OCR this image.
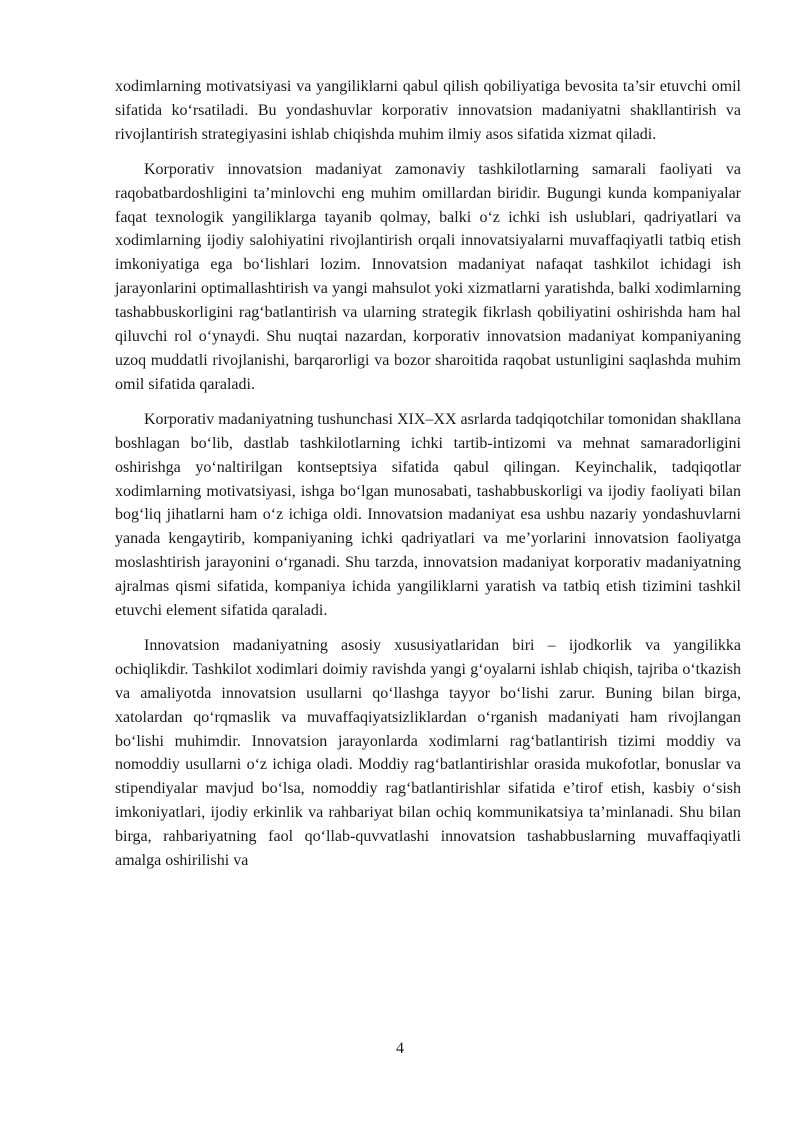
xodimlarning motivatsiyasi va yangiliklarni qabul qilish qobiliyatiga bevosita ta’sir etuvchi omil sifatida ko‘rsatiladi. Bu yondashuvlar korporativ innovatsion madaniyatni shakllantirish va rivojlantirish strategiyasini ishlab chiqishda muhim ilmiy asos sifatida xizmat qiladi.

Korporativ innovatsion madaniyat zamonaviy tashkilotlarning samarali faoliyati va raqobatbardoshligini ta’minlovchi eng muhim omillardan biridir. Bugungi kunda kompaniyalar faqat texnologik yangiliklarga tayanib qolmay, balki o‘z ichki ish uslublari, qadriyatlari va xodimlarning ijodiy salohiyatini rivojlantirish orqali innovatsiyalarni muvaffaqiyatli tatbiq etish imkoniyatiga ega bo‘lishlari lozim. Innovatsion madaniyat nafaqat tashkilot ichidagi ish jarayonlarini optimallashtirish va yangi mahsulot yoki xizmatlarni yaratishda, balki xodimlarning tashabbuskorligini rag‘batlantirish va ularning strategik fikrlash qobiliyatini oshirishda ham hal qiluvchi rol o‘ynaydi. Shu nuqtai nazardan, korporativ innovatsion madaniyat kompaniyaning uzoq muddatli rivojlanishi, barqarorligi va bozor sharoitida raqobat ustunligini saqlashda muhim omil sifatida qaraladi.

Korporativ madaniyatning tushunchasi XIX–XX asrlarda tadqiqotchilar tomonidan shakllana boshlagan bo‘lib, dastlab tashkilotlarning ichki tartib-intizomi va mehnat samaradorligini oshirishga yo‘naltirilgan kontseptsiya sifatida qabul qilingan. Keyinchalik, tadqiqotlar xodimlarning motivatsiyasi, ishga bo‘lgan munosabati, tashabbuskorligi va ijodiy faoliyati bilan bog‘liq jihatlarni ham o‘z ichiga oldi. Innovatsion madaniyat esa ushbu nazariy yondashuvlarni yanada kengaytirib, kompaniyaning ichki qadriyatlari va me’yorlarini innovatsion faoliyatga moslashtirish jarayonini o‘rganadi. Shu tarzda, innovatsion madaniyat korporativ madaniyatning ajralmas qismi sifatida, kompaniya ichida yangiliklarni yaratish va tatbiq etish tizimini tashkil etuvchi element sifatida qaraladi.

Innovatsion madaniyatning asosiy xususiyatlaridan biri – ijodkorlik va yangilikka ochiqlikdir. Tashkilot xodimlari doimiy ravishda yangi g‘oyalarni ishlab chiqish, tajriba o‘tkazish va amaliyotda innovatsion usullarni qo‘llashga tayyor bo‘lishi zarur. Buning bilan birga, xatolardan qo‘rqmaslik va muvaffaqiyatsizliklardan o‘rganish madaniyati ham rivojlangan bo‘lishi muhimdir. Innovatsion jarayonlarda xodimlarni rag‘batlantirish tizimi moddiy va nomoddiy usullarni o‘z ichiga oladi. Moddiy rag‘batlantirishlar orasida mukofotlar, bonuslar va stipendiyalar mavjud bo‘lsa, nomoddiy rag‘batlantirishlar sifatida e’tirof etish, kasbiy o‘sish imkoniyatlari, ijodiy erkinlik va rahbariyat bilan ochiq kommunikatsiya ta’minlanadi. Shu bilan birga, rahbariyatning faol qo‘llab-quvvatlashi innovatsion tashabbuslarning muvaffaqiyatli amalga oshirilishi va

4
